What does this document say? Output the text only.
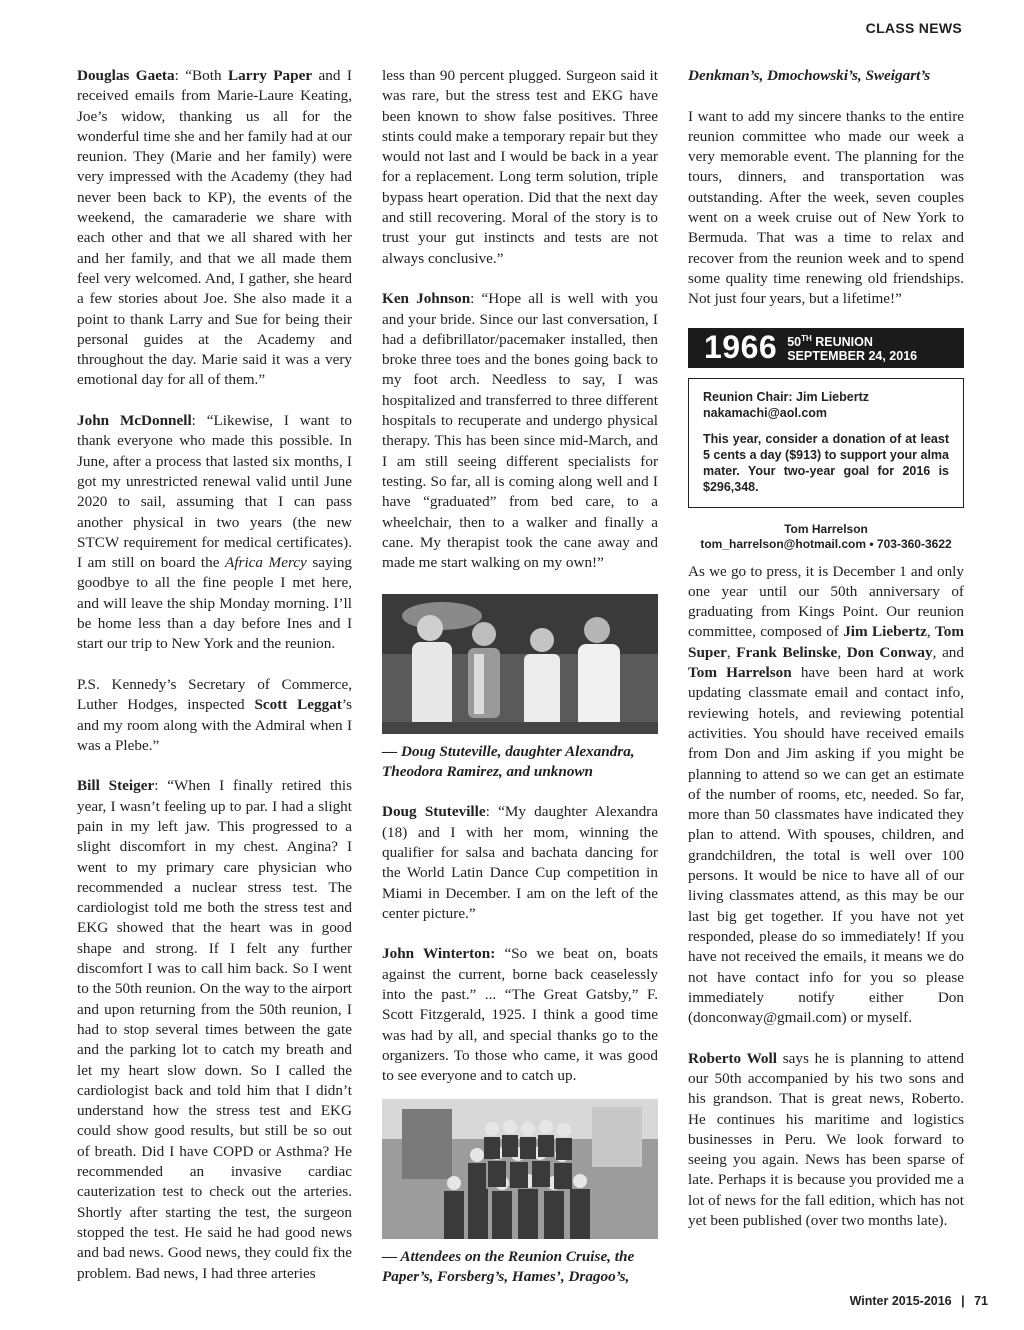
CLASS NEWS

Douglas Gaeta: “Both Larry Paper and I received emails from Marie-Laure Keating, Joe’s widow, thanking us all for the wonderful time she and her family had at our reunion. They (Marie and her family) were very impressed with the Academy (they had never been back to KP), the events of the weekend, the camaraderie we share with each other and that we all shared with her and her family, and that we all made them feel very welcomed. And, I gather, she heard a few stories about Joe. She also made it a point to thank Larry and Sue for being their personal guides at the Academy and throughout the day. Marie said it was a very emotional day for all of them.”

John McDonnell: “Likewise, I want to thank everyone who made this possible. In June, after a process that lasted six months, I got my unrestricted renewal valid until June 2020 to sail, assuming that I can pass another physical in two years (the new STCW requirement for medical certificates). I am still on board the Africa Mercy saying goodbye to all the fine people I met here, and will leave the ship Monday morning. I’ll be home less than a day before Ines and I start our trip to New York and the reunion.

P.S. Kennedy’s Secretary of Commerce, Luther Hodges, inspected Scott Leggat’s and my room along with the Admiral when I was a Plebe.”

Bill Steiger: “When I finally retired this year, I wasn’t feeling up to par. I had a slight pain in my left jaw. This progressed to a slight discomfort in my chest. Angina? I went to my primary care physician who recommended a nuclear stress test. The cardiologist told me both the stress test and EKG showed that the heart was in good shape and strong. If I felt any further discomfort I was to call him back. So I went to the 50th reunion. On the way to the airport and upon returning from the 50th reunion, I had to stop several times between the gate and the parking lot to catch my breath and let my heart slow down. So I called the cardiologist back and told him that I didn’t understand how the stress test and EKG could show good results, but still be so out of breath. Did I have COPD or Asthma? He recommended an invasive cardiac cauterization test to check out the arteries. Shortly after starting the test, the surgeon stopped the test. He said he had good news and bad news. Good news, they could fix the problem. Bad news, I had three arteries

less than 90 percent plugged. Surgeon said it was rare, but the stress test and EKG have been known to show false positives. Three stints could make a temporary repair but they would not last and I would be back in a year for a replacement. Long term solution, triple bypass heart operation. Did that the next day and still recovering. Moral of the story is to trust your gut instincts and tests are not always conclusive.”

Ken Johnson: “Hope all is well with you and your bride. Since our last conversation, I had a defibrillator/pacemaker installed, then broke three toes and the bones going back to my foot arch. Needless to say, I was hospitalized and transferred to three different hospitals to recuperate and undergo physical therapy. This has been since mid-March, and I am still seeing different specialists for testing. So far, all is coming along well and I have “graduated” from bed care, to a wheelchair, then to a walker and finally a cane. My therapist took the cane away and made me start walking on my own!”

— Doug Stuteville, daughter Alexandra, Theodora Ramirez, and unknown

Doug Stuteville: “My daughter Alexandra (18) and I with her mom, winning the qualifier for salsa and bachata dancing for the World Latin Dance Cup competition in Miami in December. I am on the left of the center picture.”

John Winterton: “So we beat on, boats against the current, borne back ceaselessly into the past.” ... “The Great Gatsby,” F. Scott Fitzgerald, 1925. I think a good time was had by all, and special thanks go to the organizers. To those who came, it was good to see everyone and to catch up.

— Attendees on the Reunion Cruise, the Paper’s, Forsberg’s, Hames’, Dragoo’s,

Denkman’s, Dmochowski’s, Sweigart’s

I want to add my sincere thanks to the entire reunion committee who made our week a very memorable event. The planning for the tours, dinners, and transportation was outstanding. After the week, seven couples went on a week cruise out of New York to Bermuda. That was a time to relax and recover from the reunion week and to spend some quality time renewing old friendships. Not just four years, but a lifetime!”

1966 50TH REUNION
SEPTEMBER 24, 2016
Reunion Chair: Jim Liebertz
nakamachi@aol.com
This year, consider a donation of at least 5 cents a day ($913) to support your alma mater. Your two-year goal for 2016 is $296,348.
Tom Harrelson
tom_harrelson@hotmail.com • 703-360-3622

As we go to press, it is December 1 and only one year until our 50th anniversary of graduating from Kings Point. Our reunion committee, composed of Jim Liebertz, Tom Super, Frank Belinske, Don Conway, and Tom Harrelson have been hard at work updating classmate email and contact info, reviewing hotels, and reviewing potential activities. You should have received emails from Don and Jim asking if you might be planning to attend so we can get an estimate of the number of rooms, etc, needed. So far, more than 50 classmates have indicated they plan to attend. With spouses, children, and grandchildren, the total is well over 100 persons. It would be nice to have all of our living classmates attend, as this may be our last big get together. If you have not yet responded, please do so immediately! If you have not received the emails, it means we do not have contact info for you so please immediately notify either Don (donconway@gmail.com) or myself.

Roberto Woll says he is planning to attend our 50th accompanied by his two sons and his grandson. That is great news, Roberto. He continues his maritime and logistics businesses in Peru. We look forward to seeing you again. News has been sparse of late. Perhaps it is because you provided me a lot of news for the fall edition, which has not yet been published (over two months late).

Winter 2015-2016 | 71
